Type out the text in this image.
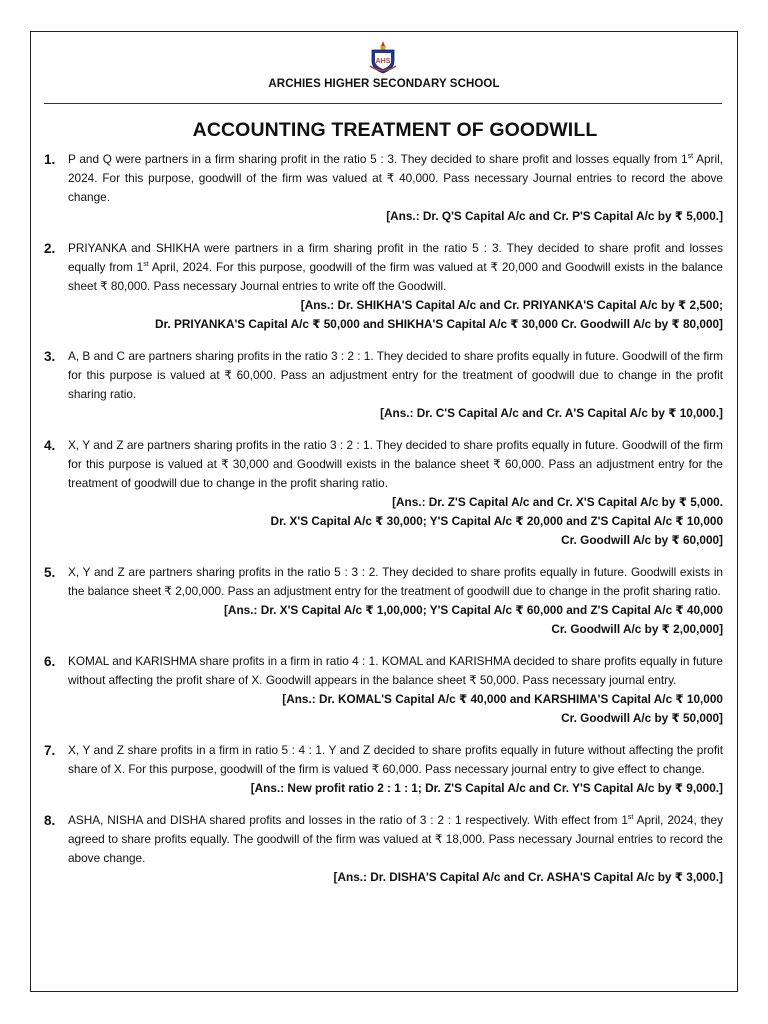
AHS
ARCHIES HIGHER SECONDARY SCHOOL
ACCOUNTING TREATMENT OF GOODWILL
1. P and Q were partners in a firm sharing profit in the ratio 5 : 3. They decided to share profit and losses equally from 1st April, 2024. For this purpose, goodwill of the firm was valued at ₹ 40,000. Pass necessary Journal entries to record the above change.
[Ans.: Dr. Q'S Capital A/c and Cr. P'S Capital A/c by ₹ 5,000.]
2. PRIYANKA and SHIKHA were partners in a firm sharing profit in the ratio 5 : 3. They decided to share profit and losses equally from 1st April, 2024. For this purpose, goodwill of the firm was valued at ₹ 20,000 and Goodwill exists in the balance sheet ₹ 80,000. Pass necessary Journal entries to write off the Goodwill.
[Ans.: Dr. SHIKHA'S Capital A/c and Cr. PRIYANKA'S Capital A/c by ₹ 2,500;
Dr. PRIYANKA'S Capital A/c ₹ 50,000 and SHIKHA'S Capital A/c ₹ 30,000 Cr. Goodwill A/c by ₹ 80,000]
3. A, B and C are partners sharing profits in the ratio 3 : 2 : 1. They decided to share profits equally in future. Goodwill of the firm for this purpose is valued at ₹ 60,000. Pass an adjustment entry for the treatment of goodwill due to change in the profit sharing ratio.
[Ans.: Dr. C'S Capital A/c and Cr. A'S Capital A/c by ₹ 10,000.]
4. X, Y and Z are partners sharing profits in the ratio 3 : 2 : 1. They decided to share profits equally in future. Goodwill of the firm for this purpose is valued at ₹ 30,000 and Goodwill exists in the balance sheet ₹ 60,000. Pass an adjustment entry for the treatment of goodwill due to change in the profit sharing ratio.
[Ans.: Dr. Z'S Capital A/c and Cr. X'S Capital A/c by ₹ 5,000.
Dr. X'S Capital A/c ₹ 30,000; Y'S Capital A/c ₹ 20,000 and Z'S Capital A/c ₹ 10,000
Cr. Goodwill A/c by ₹ 60,000]
5. X, Y and Z are partners sharing profits in the ratio 5 : 3 : 2. They decided to share profits equally in future. Goodwill exists in the balance sheet ₹ 2,00,000. Pass an adjustment entry for the treatment of goodwill due to change in the profit sharing ratio.
[Ans.: Dr. X'S Capital A/c ₹ 1,00,000; Y'S Capital A/c ₹ 60,000 and Z'S Capital A/c ₹ 40,000
Cr. Goodwill A/c by ₹ 2,00,000]
6. KOMAL and KARISHMA share profits in a firm in ratio 4 : 1. KOMAL and KARISHMA decided to share profits equally in future without affecting the profit share of X. Goodwill appears in the balance sheet ₹ 50,000. Pass necessary journal entry.
[Ans.: Dr. KOMAL'S Capital A/c ₹ 40,000 and KARSHIMA'S Capital A/c ₹ 10,000
Cr. Goodwill A/c by ₹ 50,000]
7. X, Y and Z share profits in a firm in ratio 5 : 4 : 1. Y and Z decided to share profits equally in future without affecting the profit share of X. For this purpose, goodwill of the firm is valued ₹ 60,000. Pass necessary journal entry to give effect to change.
[Ans.: New profit ratio 2 : 1 : 1; Dr. Z'S Capital A/c and Cr. Y'S Capital A/c by ₹ 9,000.]
8. ASHA, NISHA and DISHA shared profits and losses in the ratio of 3 : 2 : 1 respectively. With effect from 1st April, 2024, they agreed to share profits equally. The goodwill of the firm was valued at ₹ 18,000. Pass necessary Journal entries to record the above change.
[Ans.: Dr. DISHA'S Capital A/c and Cr. ASHA'S Capital A/c by ₹ 3,000.]
